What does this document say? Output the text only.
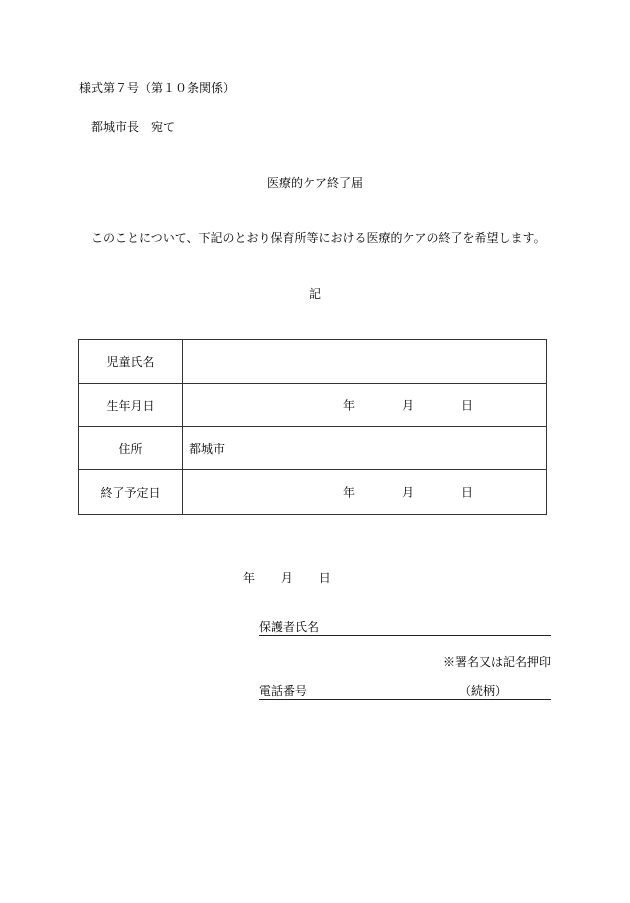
様式第７号（第１０条関係）
都城市長　宛て
医療的ケア終了届
このことについて、下記のとおり保育所等における医療的ケアの終了を希望します。
記
児童氏名	
生年月日	年 月 日

住所	都城市
終了予定日	年 月 日
年 月 日
保護者氏名
※署名又は記名押印
電話番号	（続柄）
